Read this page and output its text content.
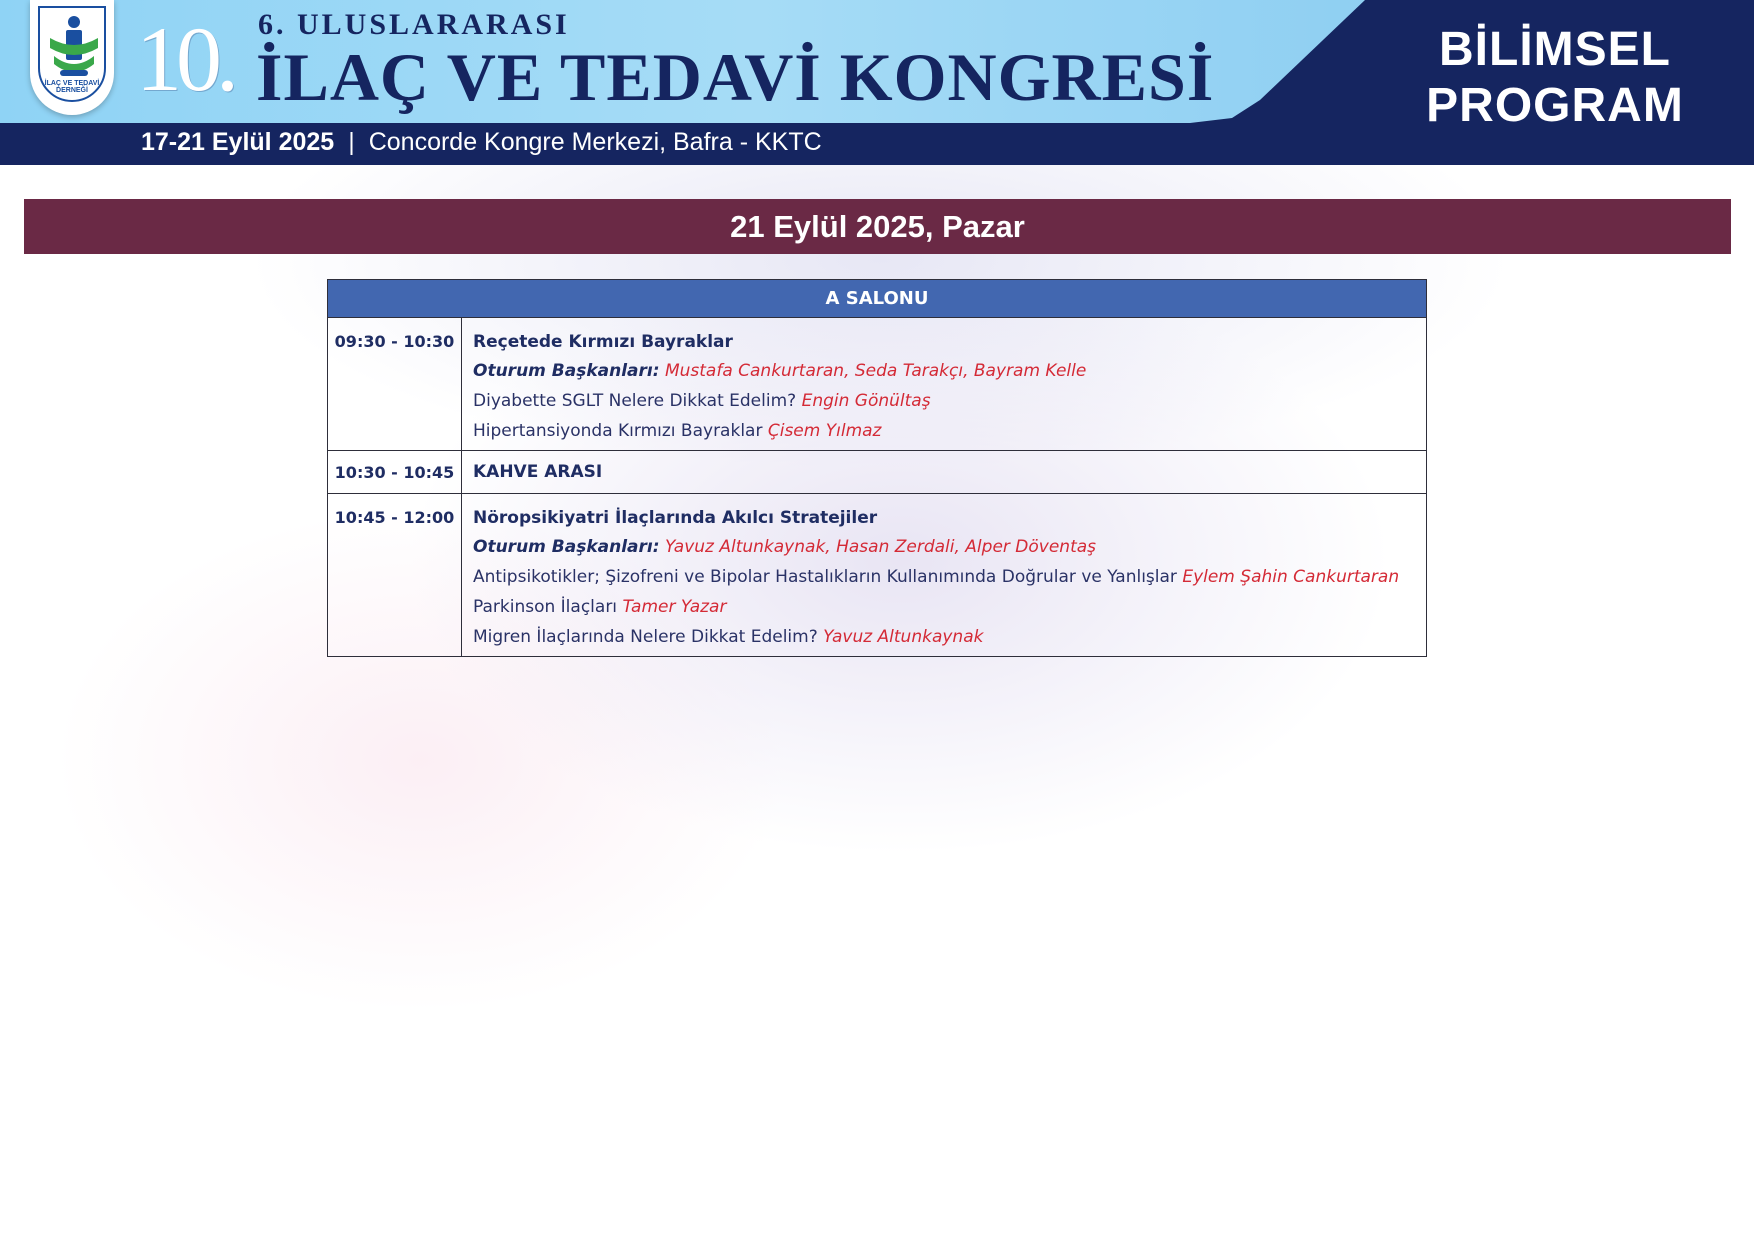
İLAÇ VE TEDAVİ DERNEĞİ 10. 6. ULUSLARARASI
İLAÇ VE TEDAVİ KONGRESİ
17-21 Eylül 2025 | Concorde Kongre Merkezi, Bafra - KKTC
BİLİMSEL
PROGRAM
21 Eylül 2025, Pazar
A SALONU	
09:30 - 10:30	Reçetede Kırmızı Bayraklar
Oturum Başkanları: Mustafa Cankurtaran, Seda Tarakçı, Bayram Kelle
Diyabette SGLT Nelere Dikkat Edelim? Engin Gönültaş
Hipertansiyonda Kırmızı Bayraklar Çisem Yılmaz

10:30 - 10:45	KAHVE ARASI

10:45 - 12:00	Nöropsikiyatri İlaçlarında Akılcı Stratejiler
Oturum Başkanları: Yavuz Altunkaynak, Hasan Zerdali, Alper Döventaş
Antipsikotikler; Şizofreni ve Bipolar Hastalıkların Kullanımında Doğrular ve Yanlışlar Eylem Şahin Cankurtaran
Parkinson İlaçları Tamer Yazar
Migren İlaçlarında Nelere Dikkat Edelim? Yavuz Altunkaynak
